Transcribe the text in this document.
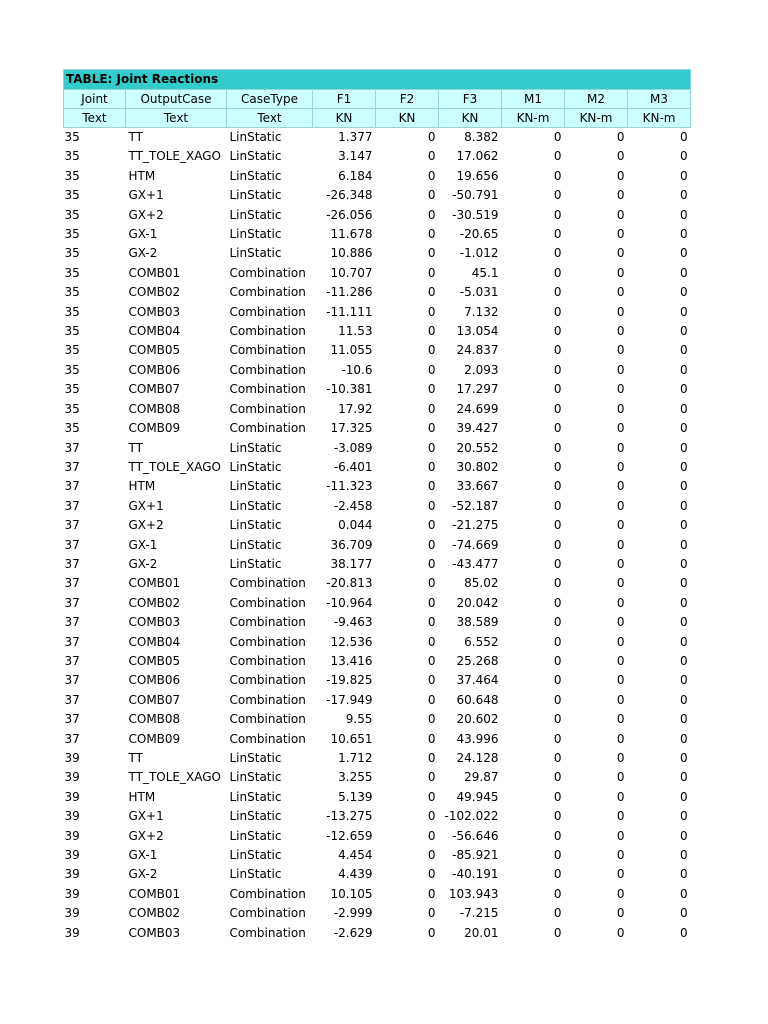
TABLE: Joint Reactions								
Joint	OutputCase	CaseType	F1	F2	F3	M1	M2	M3
Text	Text	Text	KN	KN	KN	KN-m	KN-m	KN-m
35	TT	LinStatic	1.377	0	8.382	0	0	0
35	TT_TOLE_XAGO	LinStatic	3.147	0	17.062	0	0	0
35	HTM	LinStatic	6.184	0	19.656	0	0	0
35	GX+1	LinStatic	-26.348	0	-50.791	0	0	0
35	GX+2	LinStatic	-26.056	0	-30.519	0	0	0
35	GX-1	LinStatic	11.678	0	-20.65	0	0	0
35	GX-2	LinStatic	10.886	0	-1.012	0	0	0
35	COMB01	Combination	10.707	0	45.1	0	0	0
35	COMB02	Combination	-11.286	0	-5.031	0	0	0
35	COMB03	Combination	-11.111	0	7.132	0	0	0
35	COMB04	Combination	11.53	0	13.054	0	0	0
35	COMB05	Combination	11.055	0	24.837	0	0	0
35	COMB06	Combination	-10.6	0	2.093	0	0	0
35	COMB07	Combination	-10.381	0	17.297	0	0	0
35	COMB08	Combination	17.92	0	24.699	0	0	0
35	COMB09	Combination	17.325	0	39.427	0	0	0
37	TT	LinStatic	-3.089	0	20.552	0	0	0
37	TT_TOLE_XAGO	LinStatic	-6.401	0	30.802	0	0	0
37	HTM	LinStatic	-11.323	0	33.667	0	0	0
37	GX+1	LinStatic	-2.458	0	-52.187	0	0	0
37	GX+2	LinStatic	0.044	0	-21.275	0	0	0
37	GX-1	LinStatic	36.709	0	-74.669	0	0	0
37	GX-2	LinStatic	38.177	0	-43.477	0	0	0
37	COMB01	Combination	-20.813	0	85.02	0	0	0
37	COMB02	Combination	-10.964	0	20.042	0	0	0
37	COMB03	Combination	-9.463	0	38.589	0	0	0
37	COMB04	Combination	12.536	0	6.552	0	0	0
37	COMB05	Combination	13.416	0	25.268	0	0	0
37	COMB06	Combination	-19.825	0	37.464	0	0	0
37	COMB07	Combination	-17.949	0	60.648	0	0	0
37	COMB08	Combination	9.55	0	20.602	0	0	0
37	COMB09	Combination	10.651	0	43.996	0	0	0
39	TT	LinStatic	1.712	0	24.128	0	0	0
39	TT_TOLE_XAGO	LinStatic	3.255	0	29.87	0	0	0
39	HTM	LinStatic	5.139	0	49.945	0	0	0
39	GX+1	LinStatic	-13.275	0	-102.022	0	0	0
39	GX+2	LinStatic	-12.659	0	-56.646	0	0	0
39	GX-1	LinStatic	4.454	0	-85.921	0	0	0
39	GX-2	LinStatic	4.439	0	-40.191	0	0	0
39	COMB01	Combination	10.105	0	103.943	0	0	0
39	COMB02	Combination	-2.999	0	-7.215	0	0	0
39	COMB03	Combination	-2.629	0	20.01	0	0	0
